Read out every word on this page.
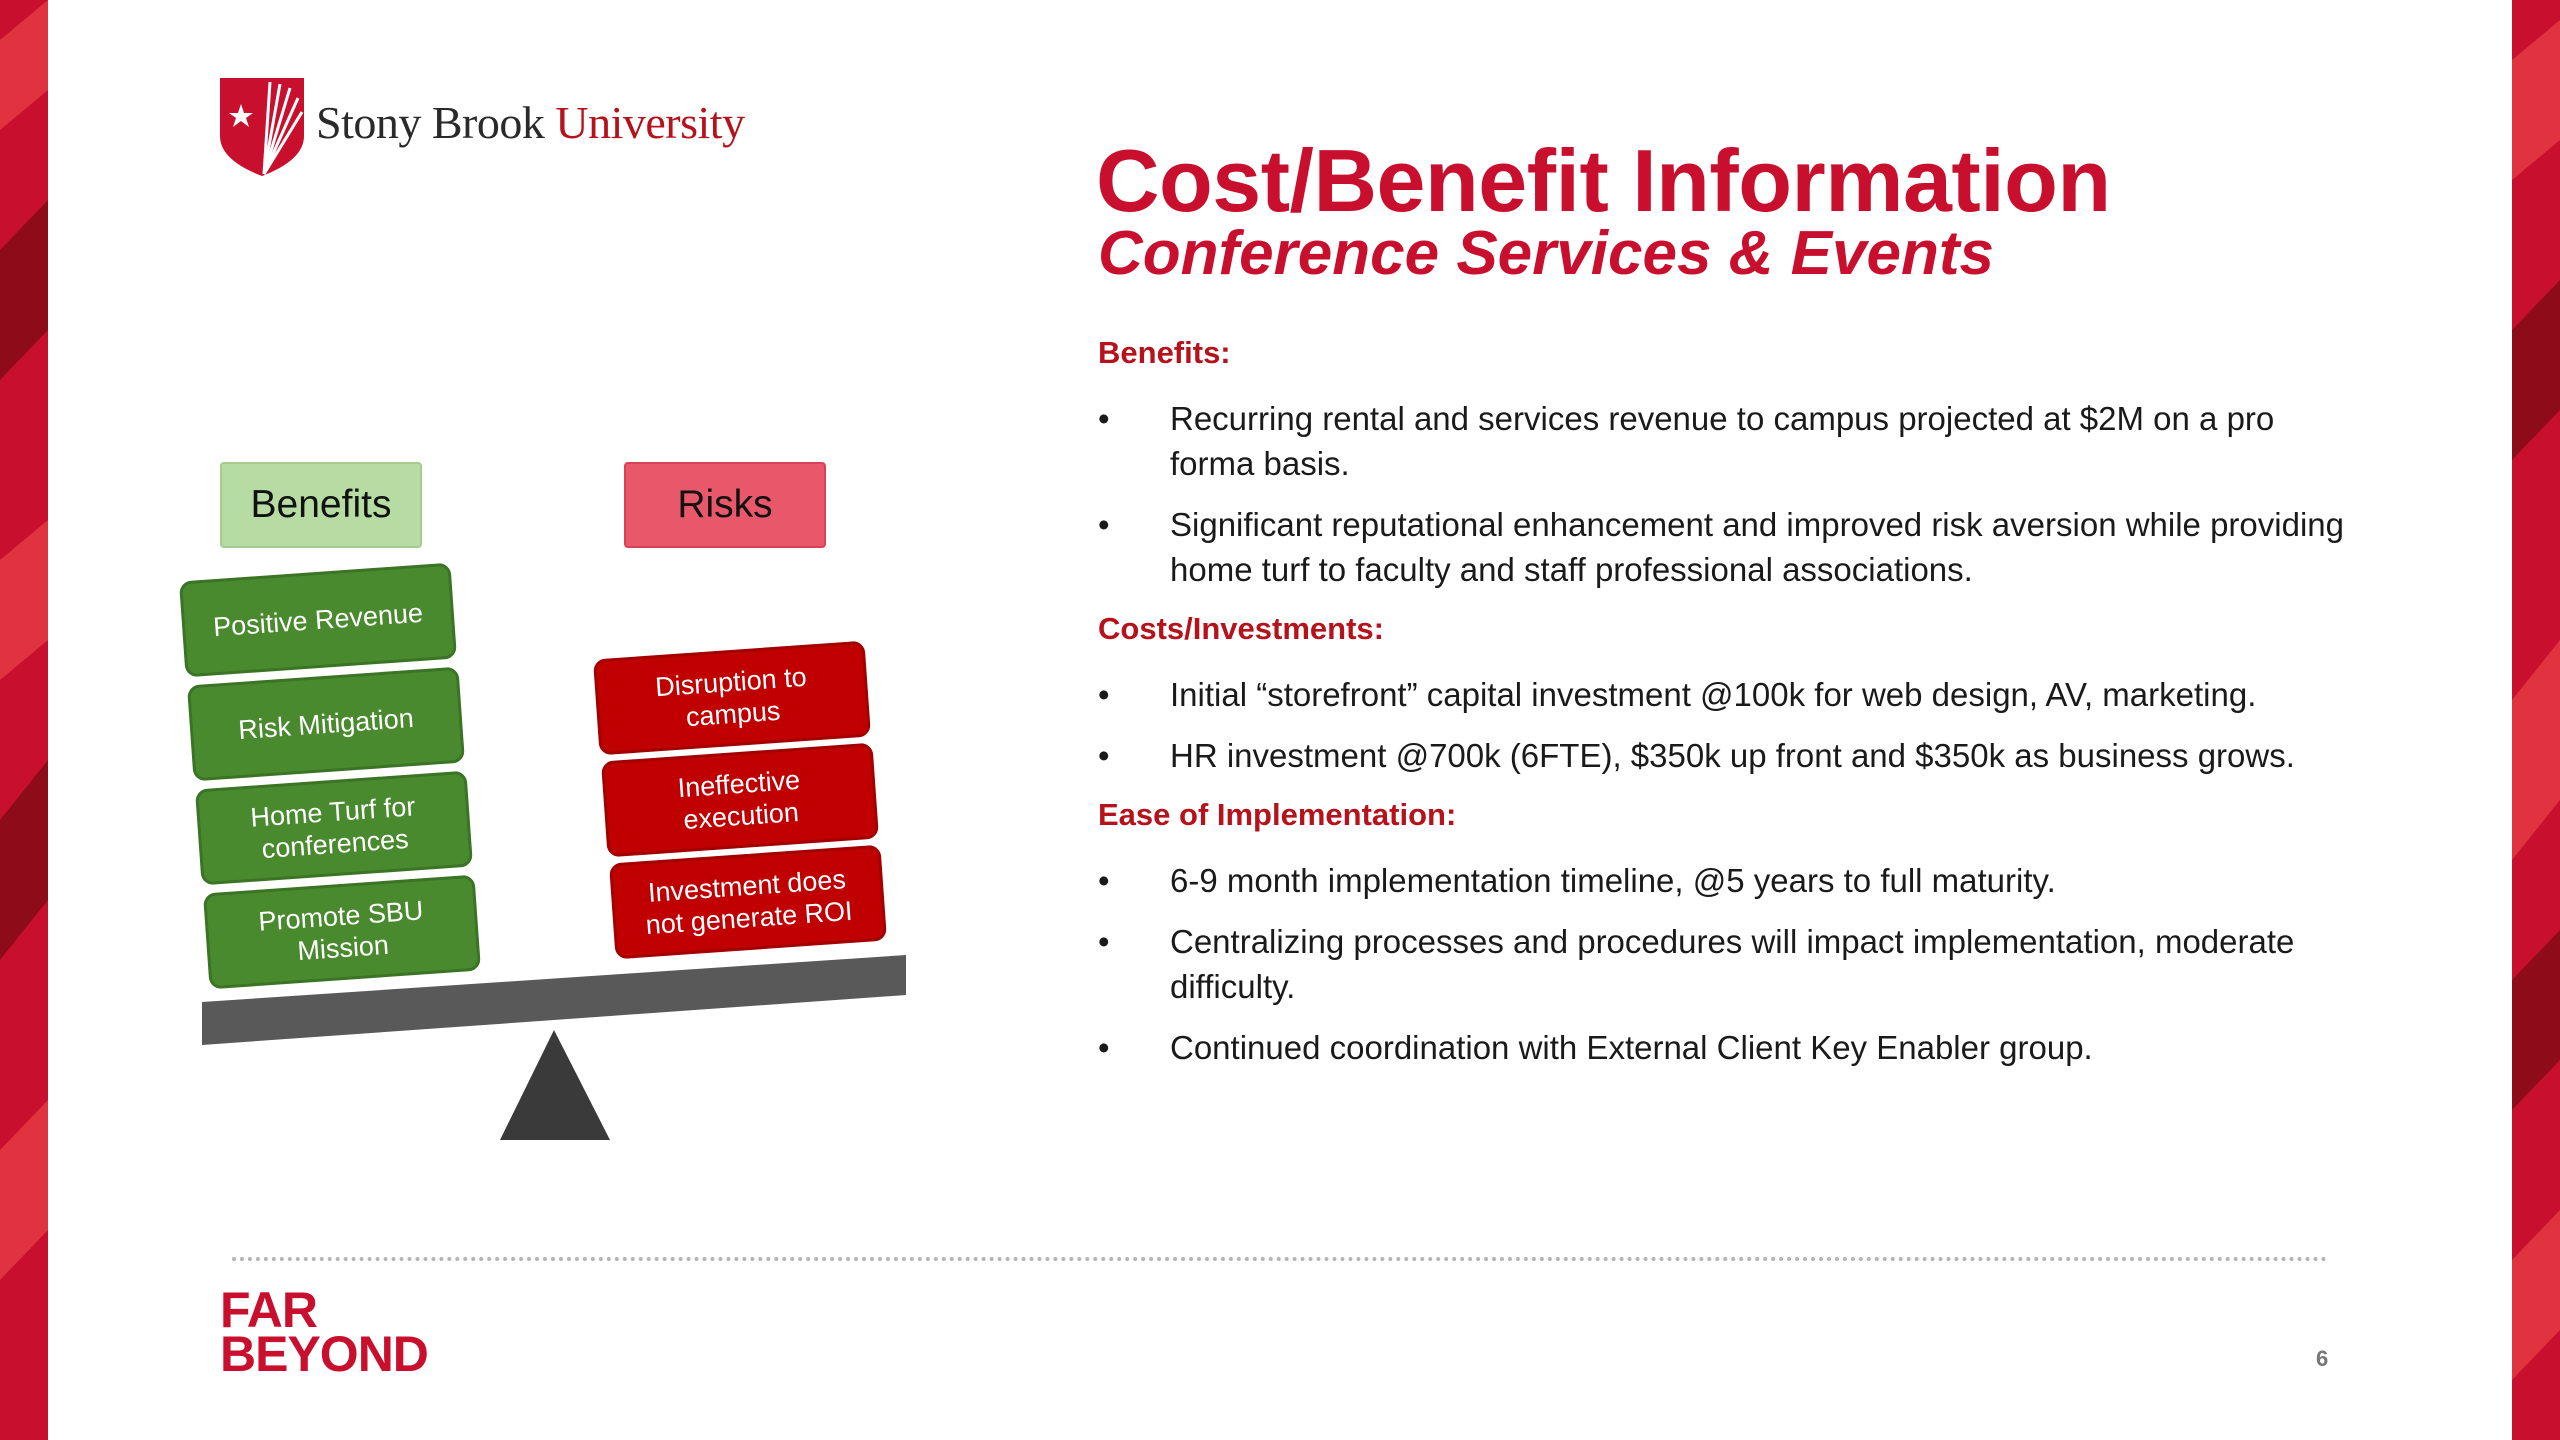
Stony Brook University
Cost/Benefit Information
Conference Services & Events
Benefits:
•	Recurring rental and services revenue to campus projected at $2M on a pro forma basis.
•	Significant reputational enhancement and improved risk aversion while providing home turf to faculty and staff professional associations.
Costs/Investments:
•	Initial “storefront” capital investment @100k for web design, AV, marketing.
•	HR investment @700k (6FTE), $350k up front and $350k as business grows.
Ease of Implementation:
•	6-9 month implementation timeline, @5 years to full maturity.
•	Centralizing processes and procedures will impact implementation, moderate difficulty.
•	Continued coordination with External Client Key Enabler group.
Benefits	Risks
Positive Revenue
Risk Mitigation
Home Turf for conferences
Promote SBU Mission
Disruption to campus
Ineffective execution
Investment does not generate ROI
FAR
BEYOND	6
